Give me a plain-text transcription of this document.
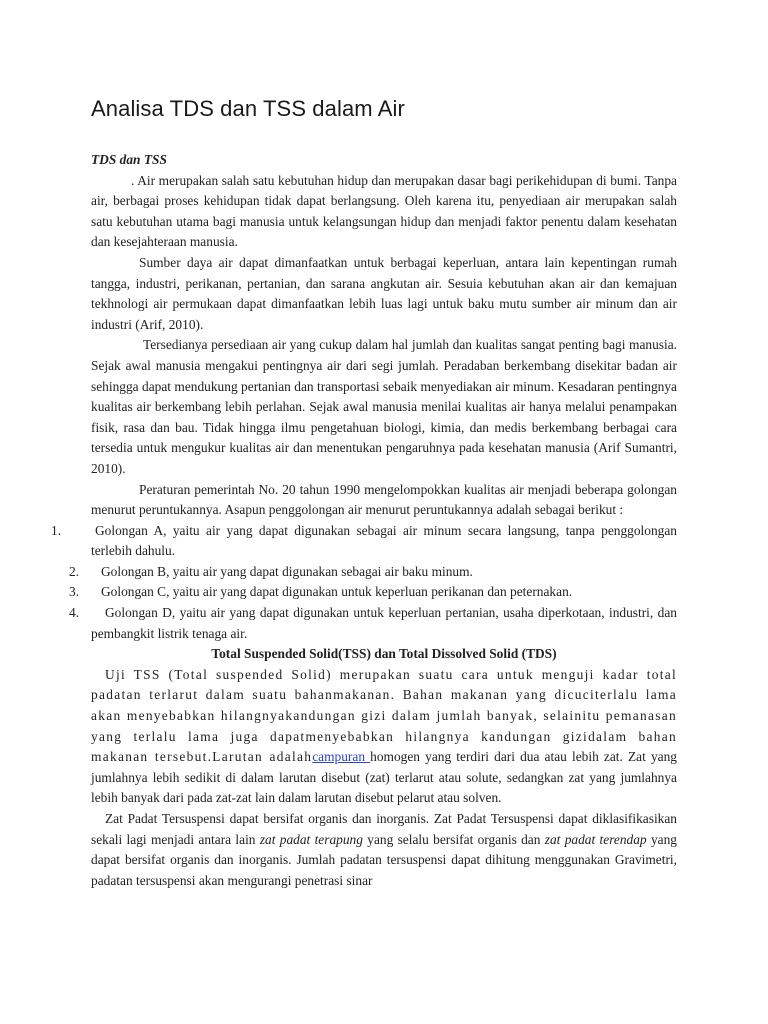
Analisa TDS dan TSS dalam Air

TDS dan TSS

. Air merupakan salah satu kebutuhan hidup dan merupakan dasar bagi perikehidupan di bumi. Tanpa air, berbagai proses kehidupan tidak dapat berlangsung. Oleh karena itu, penyediaan air merupakan salah satu kebutuhan utama bagi manusia untuk kelangsungan hidup dan menjadi faktor penentu dalam kesehatan dan kesejahteraan manusia.

Sumber daya air dapat dimanfaatkan untuk berbagai keperluan, antara lain kepentingan rumah tangga, industri, perikanan, pertanian, dan sarana angkutan air. Sesuia kebutuhan akan air dan kemajuan tekhnologi air permukaan dapat dimanfaatkan lebih luas lagi untuk baku mutu sumber air minum dan air industri (Arif, 2010).

Tersedianya persediaan air yang cukup dalam hal jumlah dan kualitas sangat penting bagi manusia. Sejak awal manusia mengakui pentingnya air dari segi jumlah. Peradaban berkembang disekitar badan air sehingga dapat mendukung pertanian dan transportasi sebaik menyediakan air minum. Kesadaran pentingnya kualitas air berkembang lebih perlahan. Sejak awal manusia menilai kualitas air hanya melalui penampakan fisik, rasa dan bau. Tidak hingga ilmu pengetahuan biologi, kimia, dan medis berkembang berbagai cara tersedia untuk mengukur kualitas air dan menentukan pengaruhnya pada kesehatan manusia (Arif Sumantri, 2010).

Peraturan pemerintah No. 20 tahun 1990 mengelompokkan kualitas air menjadi beberapa golongan menurut peruntukannya. Asapun penggolongan air menurut peruntukannya adalah sebagai berikut :

1.	Golongan A, yaitu air yang dapat digunakan sebagai air minum secara langsung, tanpa penggolongan terlebih dahulu.
2. Golongan B, yaitu air yang dapat digunakan sebagai air baku minum.
3. Golongan C, yaitu air yang dapat digunakan untuk keperluan perikanan dan peternakan.
4. Golongan D, yaitu air yang dapat digunakan untuk keperluan pertanian, usaha diperkotaan, industri, dan pembangkit listrik tenaga air.

Total Suspended Solid(TSS) dan Total Dissolved Solid (TDS)

Uji TSS (Total suspended Solid) merupakan suatu cara untuk menguji kadar total padatan terlarut dalam suatu bahanmakanan. Bahan makanan yang dicuciterlalu lama akan menyebabkan hilangnyakandungan gizi dalam jumlah banyak, selainitu pemanasan yang terlalu lama juga dapatmenyebabkan hilangnya kandungan gizidalam bahan makanan tersebut.Larutan adalahcampuran homogen yang terdiri dari dua atau lebih zat. Zat yang jumlahnya lebih sedikit di dalam larutan disebut (zat) terlarut atau solute, sedangkan zat yang jumlahnya lebih banyak dari pada zat-zat lain dalam larutan disebut pelarut atau solven.

Zat Padat Tersuspensi dapat bersifat organis dan inorganis. Zat Padat Tersuspensi dapat diklasifikasikan sekali lagi menjadi antara lain zat padat terapung yang selalu bersifat organis dan zat padat terendap yang dapat bersifat organis dan inorganis. Jumlah padatan tersuspensi dapat dihitung menggunakan Gravimetri, padatan tersuspensi akan mengurangi penetrasi sinar
